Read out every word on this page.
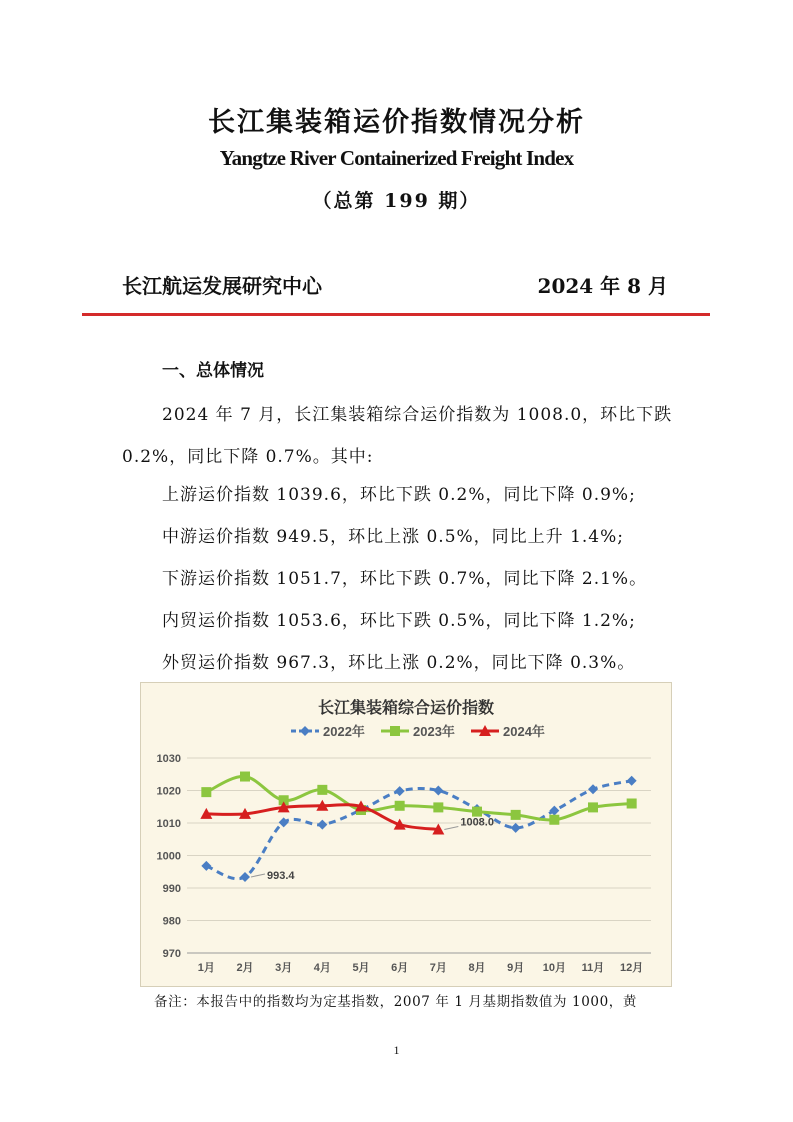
长江集装箱运价指数情况分析
Yangtze River Containerized Freight Index
（总第 199 期）
长江航运发展研究中心	2024 年 8 月
一、总体情况
2024 年 7 月，长江集装箱综合运价指数为 1008.0，环比下跌 0.2%，同比下降 0.7%。其中:
上游运价指数 1039.6，环比下跌 0.2%，同比下降 0.9%;
中游运价指数 949.5，环比上涨 0.5%，同比上升 1.4%;
下游运价指数 1051.7，环比下跌 0.7%，同比下降 2.1%。
内贸运价指数 1053.6，环比下跌 0.5%，同比下降 1.2%;
外贸运价指数 967.3，环比上涨 0.2%，同比下降 0.3%。
长江集装箱综合运价指数
2022年	2023年	2024年
970
980
990
1000
1010
1020
1030
1月 2月 3月 4月 5月 6月 7月 8月 9月 10月 11月 12月
993.4
1008.0
备注：本报告中的指数均为定基指数，2007 年 1 月基期指数值为 1000，黄
1
